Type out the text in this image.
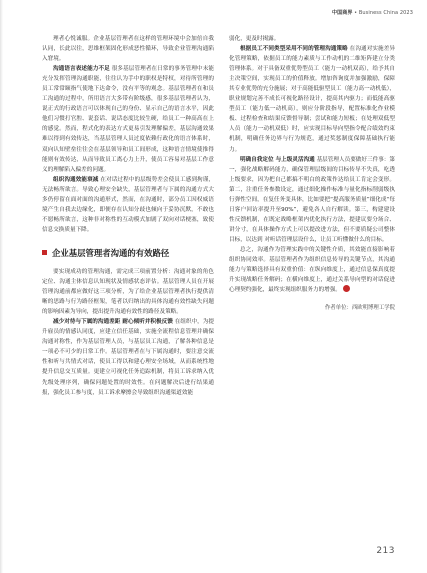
中国商界 • Business China 2023

理者心悦诚服。企业基层管理者在这样的管理环境中会加倍自我认同，长此以往，思维框架固化形成恶性循环，导致企业管理沟通陷入窘境。

沟通语言表述能力不足 很多基层管理者在日常的事务管理中未能充分发挥管理沟通职能，往往认为手中的职权是特权，对待所管理的员工常常颐指气使地下达命令，没有平等的观念。基层管理者在和员工沟通的过程中，所用语言大多带有阶级感，很多基层管理者认为，说正式的行政语言可以体现自己的身份、显示自己的语言水平，因此他们习惯打官腔、说套话、说话态度比较生硬，给员工一种高高在上的感觉。然而，程式化的表达方式更易引发理解偏差，基层沟通效果难以得到有效传达，当基层管理人员过度依赖行政化的语言体系时，双向认知壁垒往往会在基层领导和员工间形成，这种语言情境使推得能则有效传达，从而导致员工离心力上升，使员工容易对基层工作意义的理解陷入偏差的问题。

组织沟通效能衰减 在对话过程中的层级势差会使员工感到拘谨，无法畅所欲言。导致心理安全缺失，基层管理者与下属的沟通方式大多仍停留在面对面的沟通形式，然而，在沟通时，部分员工因权威语境产生自我去边缘化，即便存在认知分歧也倾向于妥协沉默，不敢也不愿畅所欲言，这种非对称性的互动模式加剧了双向对话梗塞，致使信息交换质量下降。

企业基层管理者沟通的有效路径

要实现成功的管理沟通，需完成三项前置分析：沟通对象的角色定位、沟通主体信息认知现状及情感状态评估。基层管理人员在开展管理沟通前都应做好这三项分析，为了给企业基层管理者执行提供清晰的思路与行为路径框架，笔者以归纳出的具体沟通有效性缺失问题的影响因素为导向，提出提升沟通有效性的路径及策略。

减少对待与下属的沟通差距 耐心倾听并积极反馈 在组织中，为提升雇员的情感认同度，应建立信任基础，实施全流程信息管理并确保沟通对称性，作为基层管理人员，与基层员工沟通，了解各种信息是一项必不可少的日常工作。基层管理者在与下属沟通时，要注意交流性和听与共情式对话，使员工得以和建心理安全场域，从而系统性地提升信息交互质量。更建立可视化任务追踪机制，将员工诉求纳入优先级处理序列，确保问题处置的时效性。在问题解决后进行结果通报，强化员工参与度，员工诉求摩擦会导致组织沟通渠道效能

弱化，更及时揭露。

根据员工不同类型采用不同的管理沟通策略 在沟通对实施差异化管理策略，依据员工的能力素质与工作动机的二维矩阵建立分类管理体系。对于具备双重优势型员工（能力一动机双高），给予其自主决策空间，实现员工的价值释放。增加咨询度并加强激励，保障其专业优势的充分施展；对于高能低驱型员工（能力高一动机低），职业规划完善不成长可视化路径设计，提高其内驱力；而低能高驱型员工（能力低一动机高），则应分阶段指导，配置标准化作业模板、过程检查和结果反馈督导制；尝试和能力短板；在处理双低型人员（能力一动机双低）时，应实现目标导向型指令配合绩效约束机制，明确任务边界与行为规范，通过奖惩制度保障基础执行能力。

明确自我定位 与上级灵活沟通 基层管理人员要做好三件事：第一，强化战略解码能力，确保管理层级间的目标传导不失真，吃透上级要求，因为把自己都搞不明白的政策作达给员工肯定会变形。第二，注重任务参数设定，通过细化操作标准与量化指标削弱级执行弹性空间，在复任务变具体，比如要把“提高服务质量”细化成“每日客户回访率提升至90%”，避免各人自行解读。第三，构建建设性反馈机制，在既定战略框架内优化执行方法，提建议要分场合、讲分寸，在具体操作方式上可以提改进方法，但不要质疑公司整体目标，以达到 对听话管理层设什么，让员工听懂做什么的目标。

总之，沟通作为管理实践中的关键性介质，其效能直接影响着组织协同效率。基层管理者作为组织信息传导的关键节点，其沟通能力与策略选择具有双重价值：在纵向维度上，通过信息保真度提升实现战略任务解码；在横向维度上，通过关系导向型的对话促进心理契约强化，最终实现组织服务力的增强。

作者单位：西欧明博理工学院
213
